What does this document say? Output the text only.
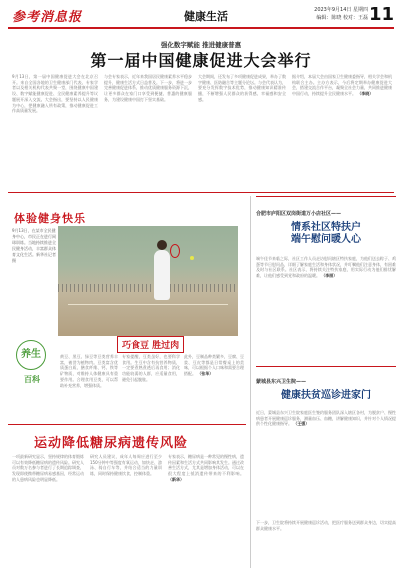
参考消息报	健康生活	2023年9月14日 星期四
编辑：陈晓 校对：王磊 11
强化数字赋能 推进健康普惠
第一届中国健康促进大会举行
9月13日，第一届中国健康促进大会在北京召开。来自全国各地的卫生健康部门代表、专家学者以及相关机构代表共聚一堂，围绕健康中国建设、数字赋能健康促进、全民健康素养提升等议题展开深入交流。大会指出，要坚持以人民健康为中心，把健康融入所有政策，推动健康促进工作高质量发展。
与会专家表示，近年来我国居民健康素养水平稳步提升，健康生活方式日益普及。下一步，将进一步完善健康促进体系，推动优质健康服务资源下沉，让更多群众在家门口享受到便捷、普惠的健康服务，为建设健康中国打下坚实基础。
大会期间，还发布了多项健康促进成果，举办了数字健康、医防融合等主题分论坛。与会代表认为，要充分发挥数字技术优势，推动健康知识精准传播，不断增强人民群众的获得感、幸福感和安全感。
据介绍，本届大会由国家卫生健康委指导，相关学会和机构联合主办。主办方表示，今后将定期举办健康促进大会，搭建交流合作平台，凝聚全社会力量，共同推进健康中国行动，持续提升全民健康水平。 （李晓）
体验健身快乐
9月13日，在某市全民健身中心，市民正在进行网球训练。当地持续推进全民健身活动，丰富群众体育文化生活。新华社记者 摄
合肥市庐阳区双岗街道万小店社区——
情系社区特扶户
端午慰问暖人心
端午佳节来临之际，社区工作人员走访慰问辖区特扶家庭，为他们送去粽子、鸡蛋等节日慰问品，详细了解家庭生活和身体状况，并叮嘱他们注意身体，有困难及时与社区联系。社区表示，将持续关注特扶家庭，用实际行动为他们排忧解难，让他们感受到党和政府的温暖。 （李丽）
蒙城县东兴卫生院——
健康扶贫巡诊进家门
近日，蒙城县东兴卫生院家庭医生签约服务团队深入辖区各村，为脱贫户、慢性病患者开展健康巡诊服务，测量血压、血糖，讲解健康知识，并针对个人情况提供个性化健康指导。 （王强）
下一步，卫生院将持续开展健康巡诊活动，把医疗服务送到群众身边，切实提高群众健康水平。
巧食豆 胜过肉
养生
百科
黄豆、黑豆、绿豆等豆类营养丰富，被誉为植物肉。豆类富含优质蛋白质、膳食纤维、钙、铁等矿物质，对维持人体健康具有重要作用。合理食用豆类，可以帮助补充营养，增强体质。
专家提醒，豆类虽好，也要科学食用。生豆中含有抗营养物质，一定要煮熟煮透后再食用；消化功能较弱的人群，应适量食用，避免引起腹胀。
此外，豆制品种类繁多，豆腐、豆浆、豆皮等都是日常餐桌上的美味，可以根据个人口味和需要合理搭配。 （张华）
运动降低糖尿病遗传风险
一项最新研究显示，坚持规律的体育锻炼可以有效降低糖尿病的遗传风险。研究人员对数万名参与者进行了长期追踪调查，发现即使携带糖尿病易感基因，经常运动的人患病风险也明显降低。
研究人员建议，成年人每周应进行至少150分钟中等强度有氧运动，如快走、游泳、骑自行车等，并结合适当的力量训练，同时保持健康饮食，控制体重。
专家表示，糖尿病是一种常见的慢性病，遗传因素和生活方式共同影响其发生。通过改善生活方式，尤其是增加身体活动，可以在很大程度上抵消遗传带来的不利影响。 （新华）
